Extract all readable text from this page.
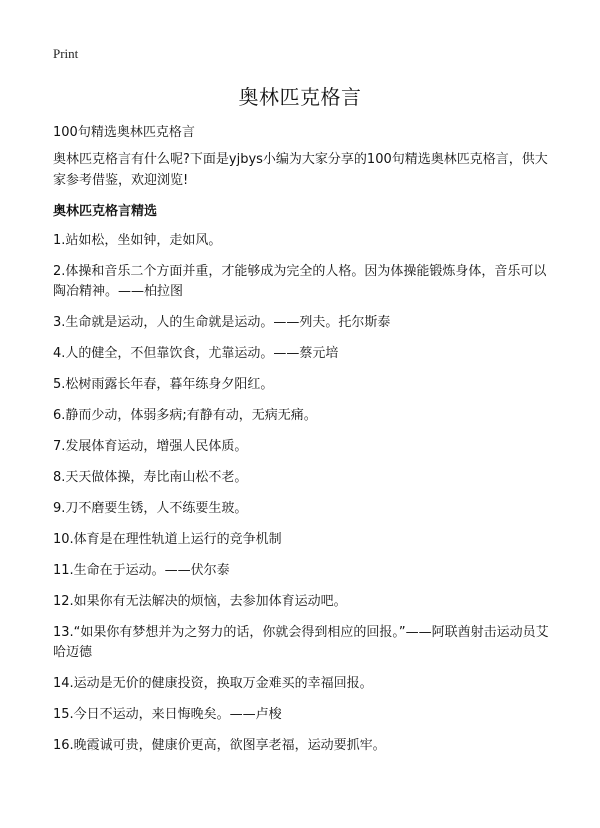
Print
奥林匹克格言
100句精选奥林匹克格言

奥林匹克格言有什么呢?下面是yjbys小编为大家分享的100句精选奥林匹克格言，供大家参考借鉴，欢迎浏览!

奥林匹克格言精选
1.站如松，坐如钟，走如风。
2.体操和音乐二个方面并重，才能够成为完全的人格。因为体操能锻炼身体，音乐可以陶冶精神。——柏拉图
3.生命就是运动，人的生命就是运动。——列夫。托尔斯泰
4.人的健全，不但靠饮食，尤靠运动。——蔡元培
5.松树雨露长年春，暮年练身夕阳红。
6.静而少动，体弱多病;有静有动，无病无痛。
7.发展体育运动，增强人民体质。
8.天天做体操，寿比南山松不老。
9.刀不磨要生锈，人不练要生玻。
10.体育是在理性轨道上运行的竞争机制
11.生命在于运动。——伏尔泰
12.如果你有无法解决的烦恼，去参加体育运动吧。
13.“如果你有梦想并为之努力的话，你就会得到相应的回报。”——阿联酋射击运动员艾哈迈德
14.运动是无价的健康投资，换取万金难买的幸福回报。
15.今日不运动，来日悔晚矣。——卢梭
16.晚霞诚可贵，健康价更高，欲图享老福，运动要抓牢。
